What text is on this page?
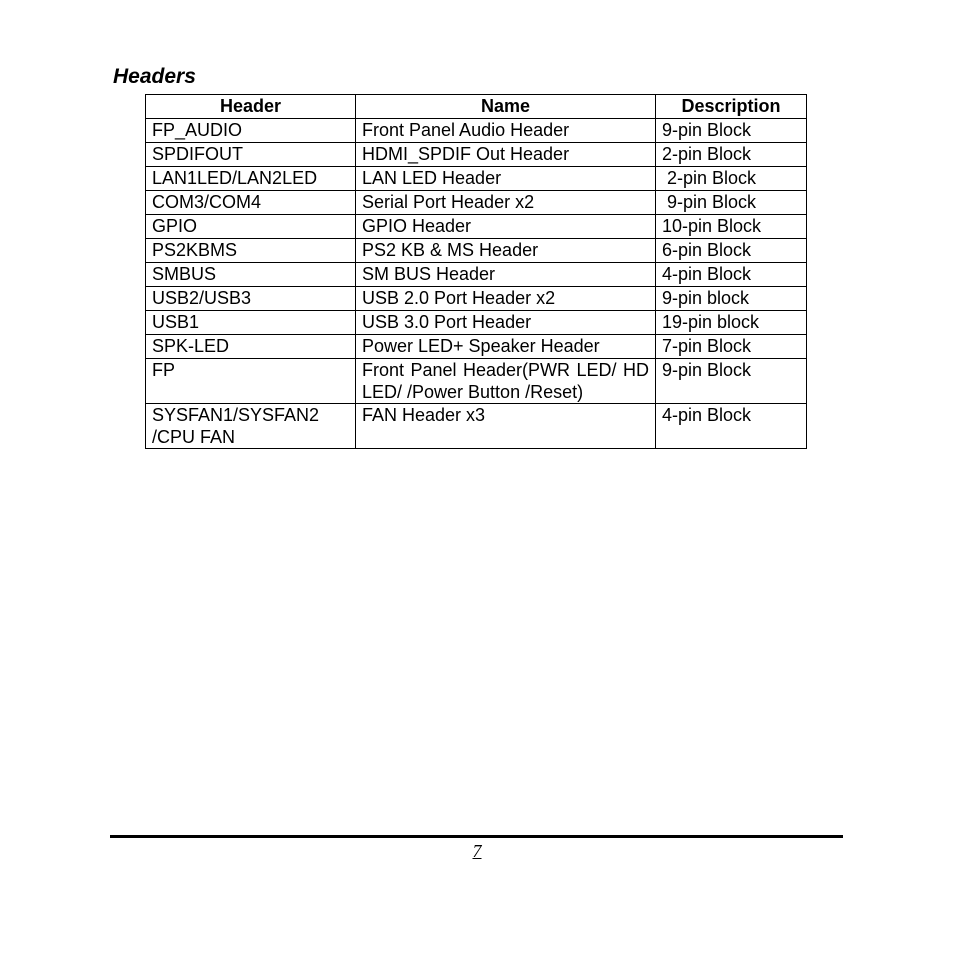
Headers
Header	Name	Description
FP_AUDIO	Front Panel Audio Header	9-pin Block
SPDIFOUT	HDMI_SPDIF Out Header	2-pin Block
LAN1LED/LAN2LED	LAN LED Header	2-pin Block
COM3/COM4	Serial Port Header x2	9-pin Block
GPIO	GPIO Header	10-pin Block
PS2KBMS	PS2 KB & MS Header	6-pin Block
SMBUS	SM BUS Header	4-pin Block
USB2/USB3	USB 2.0 Port Header x2	9-pin block
USB1	USB 3.0 Port Header	19-pin block
SPK-LED	Power LED+ Speaker Header	7-pin Block
FP	Front Panel Header(PWR LED/ HD LED/ /Power Button /Reset)	9-pin Block
SYSFAN1/SYSFAN2 /CPU FAN	FAN Header x3	4-pin Block
7
